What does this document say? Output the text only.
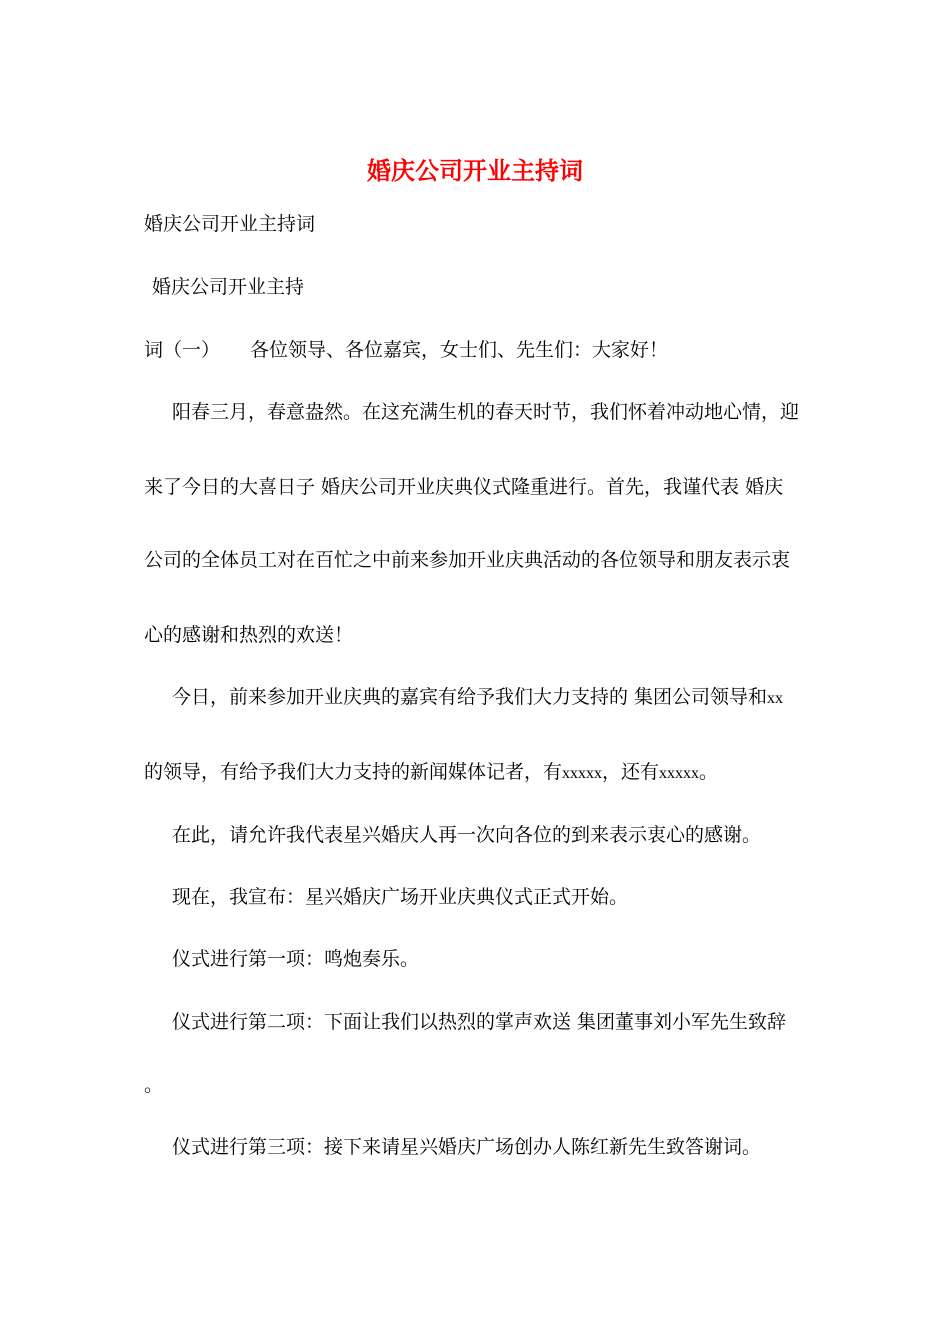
婚庆公司开业主持词
婚庆公司开业主持词
婚庆公司开业主持
词（一） 各位领导、各位嘉宾，女士们、先生们：大家好！
阳春三月，春意盎然。在这充满生机的春天时节，我们怀着冲动地心情，迎
来了今日的大喜日子 婚庆公司开业庆典仪式隆重进行。首先，我谨代表 婚庆
公司的全体员工对在百忙之中前来参加开业庆典活动的各位领导和朋友表示衷
心的感谢和热烈的欢送！
今日，前来参加开业庆典的嘉宾有给予我们大力支持的 集团公司领导和xx
的领导，有给予我们大力支持的新闻媒体记者，有xxxxx，还有xxxxx。
在此，请允许我代表星兴婚庆人再一次向各位的到来表示衷心的感谢。
现在，我宣布：星兴婚庆广场开业庆典仪式正式开始。
仪式进行第一项：鸣炮奏乐。
仪式进行第二项：下面让我们以热烈的掌声欢送 集团董事刘小军先生致辞
。
仪式进行第三项：接下来请星兴婚庆广场创办人陈红新先生致答谢词。
